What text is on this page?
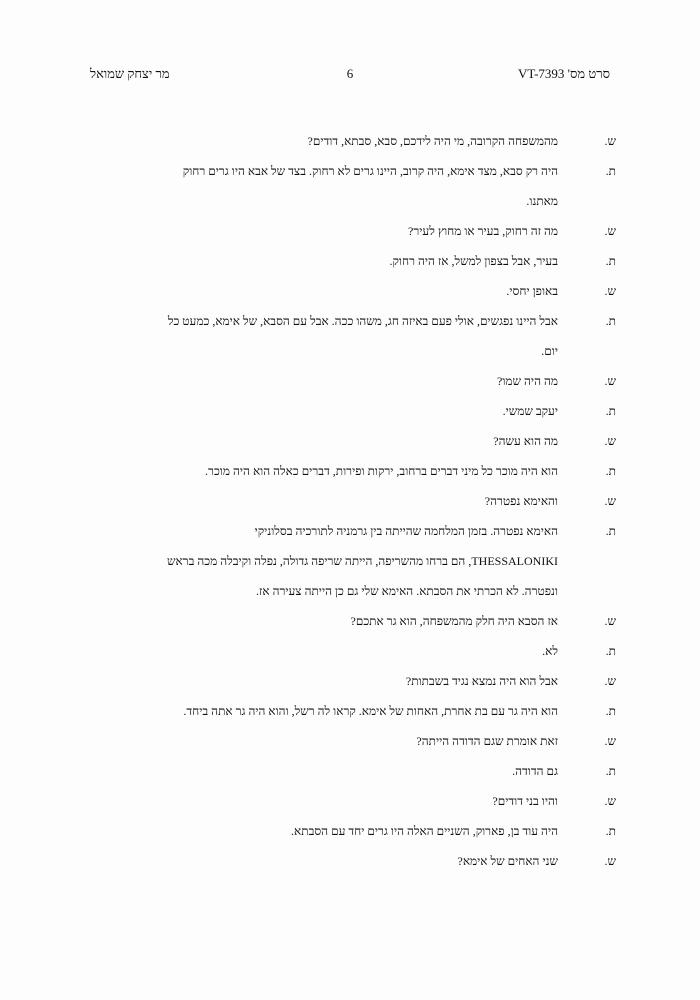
סרט מס' VT-7393
6
מר יצחק שמואל
ש.
מהמשפחה הקרובה, מי היה לידכם, סבא, סבתא, דודים?
ת.
היה רק סבא, מצד אימא, היה קרוב, היינו גרים לא רחוק. בצד של אבא היו גרים רחוק
מאתנו.
ש.
מה זה רחוק, בעיר או מחוץ לעיר?
ת.
בעיר, אבל בצפון למשל, אז היה רחוק.
ש.
באופן יחסי.
ת.
אבל היינו נפגשים, אולי פעם באיזה חג, משהו ככה. אבל עם הסבא, של אימא, כמעט כל
יום.
ש.
מה היה שמו?
ת.
יעקב שמשי.
ש.
מה הוא עשה?
ת.
הוא היה מוכר כל מיני דברים ברחוב, ירקות ופירות, דברים כאלה הוא היה מוכר.
ש.
והאימא נפטרה?
ת.
האימא נפטרה. בזמן המלחמה שהייתה בין גרמניה לתורכיה בסלוניקי
THESSALONIKI, הם ברחו מהשריפה, הייתה שריפה גדולה, נפלה וקיבלה מכה בראש
ונפטרה. לא הכרתי את הסבתא. האימא שלי גם כן הייתה צעירה אז.
ש.
אז הסבא היה חלק מהמשפחה, הוא גר אתכם?
ת.
לא.
ש.
אבל הוא היה נמצא נגיד בשבתות?
ת.
הוא היה גר עם בת אחרת, האחות של אימא. קראו לה רשל, והוא היה גר אתה ביחד.
ש.
זאת אומרת שגם הדודה הייתה?
ת.
גם הדודה.
ש.
והיו בני דודים?
ת.
היה עוד בן, פארוק, השניים האלה היו גרים יחד עם הסבתא.
ש.
שני האחים של אימא?
